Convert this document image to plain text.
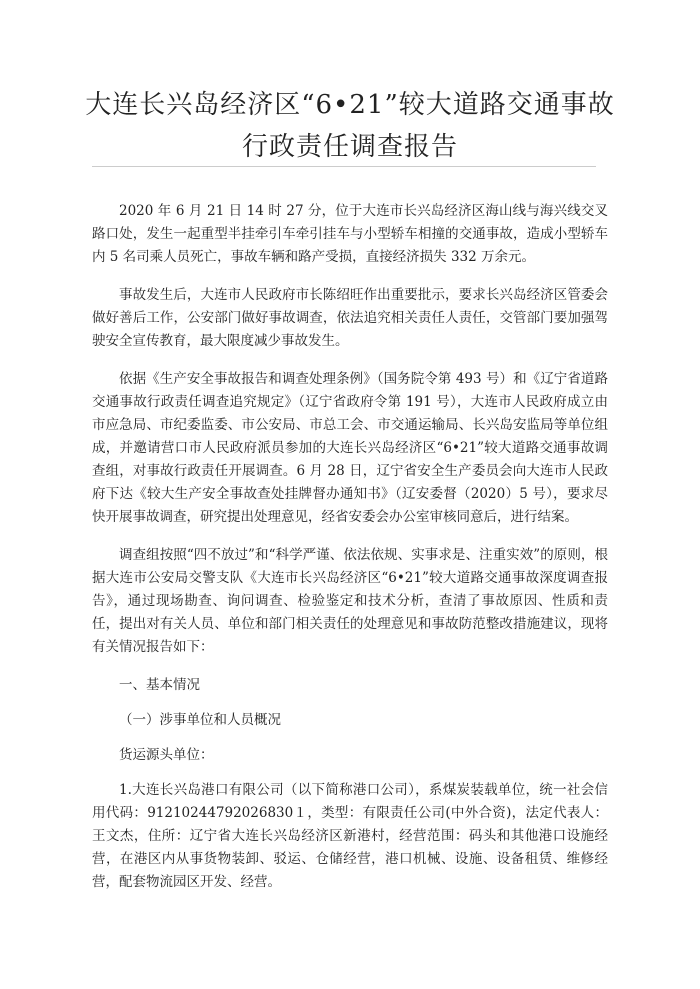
大连长兴岛经济区“6•21”较大道路交通事故
行政责任调查报告

2020 年 6 月 21 日 14 时 27 分，位于大连市长兴岛经济区海山线与海兴线交叉路口处，发生一起重型半挂牵引车牵引挂车与小型轿车相撞的交通事故，造成小型轿车内 5 名司乘人员死亡，事故车辆和路产受损，直接经济损失 332 万余元。

事故发生后，大连市人民政府市长陈绍旺作出重要批示，要求长兴岛经济区管委会做好善后工作，公安部门做好事故调查，依法追究相关责任人责任，交管部门要加强驾驶安全宣传教育，最大限度减少事故发生。

依据《生产安全事故报告和调查处理条例》（国务院令第 493 号）和《辽宁省道路交通事故行政责任调查追究规定》（辽宁省政府令第 191 号），大连市人民政府成立由市应急局、市纪委监委、市公安局、市总工会、市交通运输局、长兴岛安监局等单位组成，并邀请营口市人民政府派员参加的大连长兴岛经济区“6•21”较大道路交通事故调查组，对事故行政责任开展调查。6 月 28 日，辽宁省安全生产委员会向大连市人民政府下达《较大生产安全事故查处挂牌督办通知书》（辽安委督（2020）5 号），要求尽快开展事故调查，研究提出处理意见，经省安委会办公室审核同意后，进行结案。

调查组按照“四不放过”和“科学严谨、依法依规、实事求是、注重实效”的原则，根据大连市公安局交警支队《大连市长兴岛经济区“6•21”较大道路交通事故深度调查报告》，通过现场勘查、询问调查、检验鉴定和技术分析，查清了事故原因、性质和责任，提出对有关人员、单位和部门相关责任的处理意见和事故防范整改措施建议，现将有关情况报告如下：

一、基本情况
（一）涉事单位和人员概况
货运源头单位：

1.大连长兴岛港口有限公司（以下简称港口公司），系煤炭装载单位，统一社会信用代码：91210244792026830１，类型：有限责任公司(中外合资)，法定代表人：王文杰，住所：辽宁省大连长兴岛经济区新港村，经营范围：码头和其他港口设施经营，在港区内从事货物装卸、驳运、仓储经营，港口机械、设施、设备租赁、维修经营，配套物流园区开发、经营。
